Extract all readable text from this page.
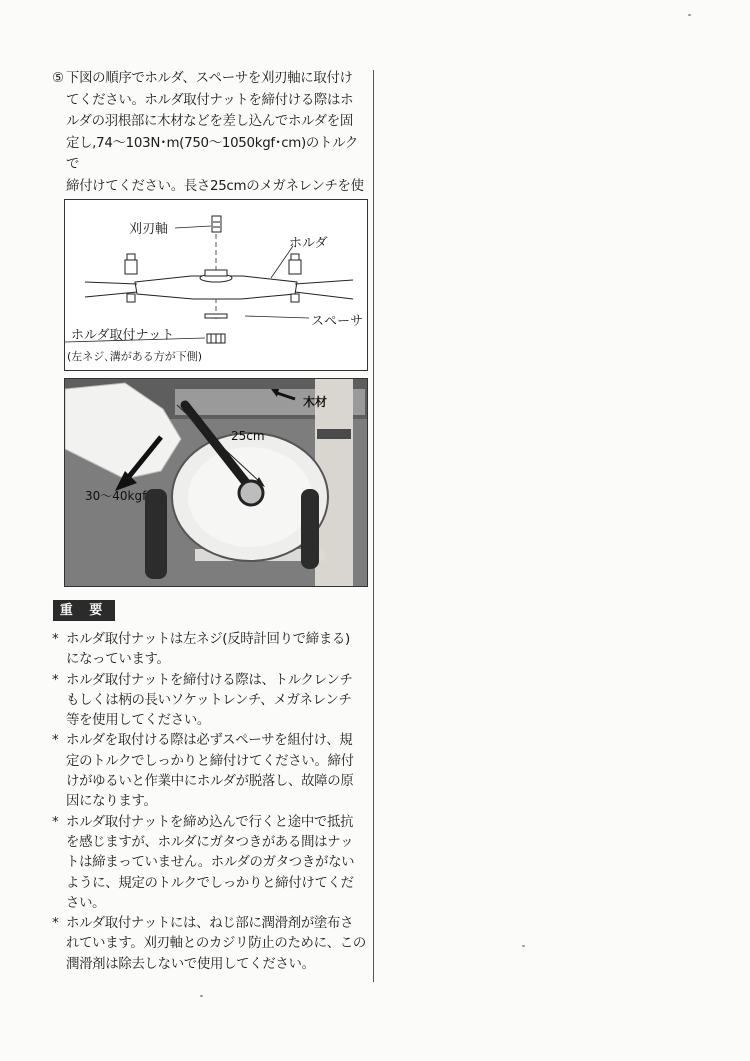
⑤ 下図の順序でホルダ、スペーサを刈刃軸に取付け
てください。ホルダ取付ナットを締付ける際はホ
ルダの羽根部に木材などを差し込んでホルダを固
定し,74〜103N･m(750〜1050kgf･cm)のトルクで
締付けてください。長さ25cmのメガネレンチを使
刈刃軸
ホルダ
スペーサ
ホルダ取付ナット
(左ネジ､溝がある方が下側)
木材
25cm
30〜40kgf
重 要
* ホルダ取付ナットは左ネジ(反時計回りで締まる)
になっています。
* ホルダ取付ナットを締付ける際は、トルクレンチ
もしくは柄の長いソケットレンチ、メガネレンチ
等を使用してください。
* ホルダを取付ける際は必ずスペーサを組付け、規
定のトルクでしっかりと締付けてください。締付
けがゆるいと作業中にホルダが脱落し、故障の原
因になります。
* ホルダ取付ナットを締め込んで行くと途中で抵抗
を感じますが、ホルダにガタつきがある間はナッ
トは締まっていません。ホルダのガタつきがない
ように、規定のトルクでしっかりと締付けてくだ
さい。
* ホルダ取付ナットには、ねじ部に潤滑剤が塗布さ
れています。刈刃軸とのカジリ防止のために、この
潤滑剤は除去しないで使用してください。
